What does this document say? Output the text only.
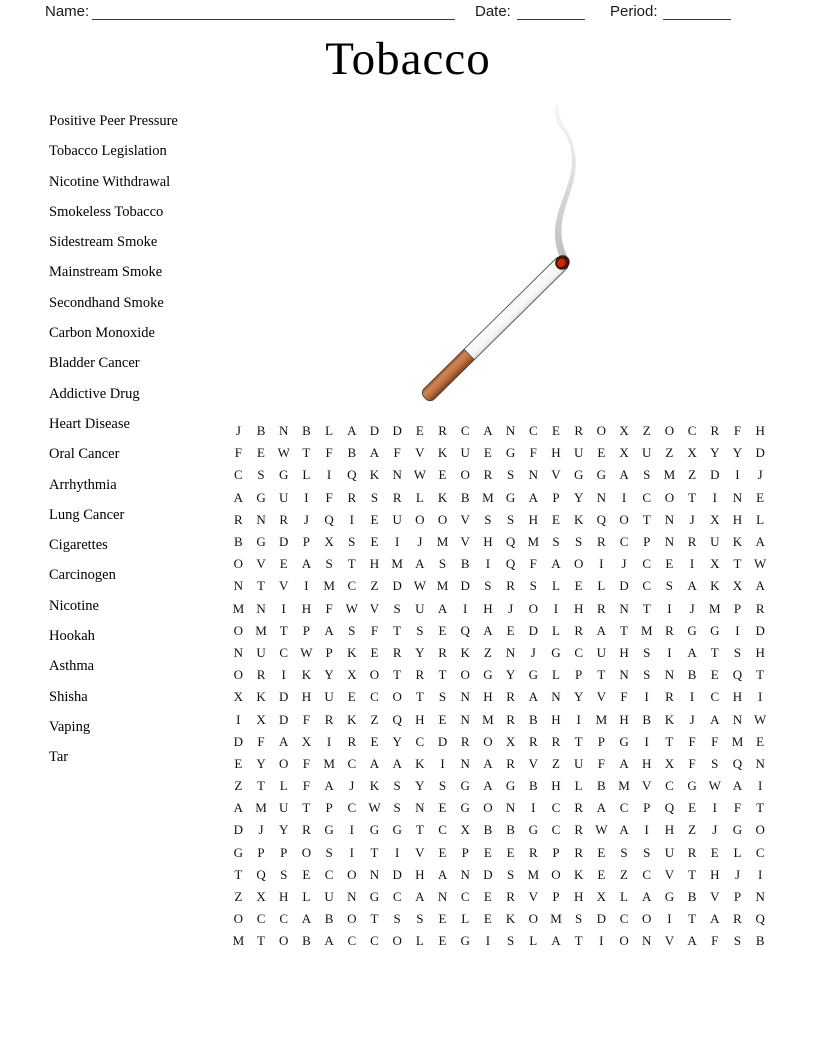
Name:	Date:	Period:
Tobacco
Positive Peer Pressure
Tobacco Legislation
Nicotine Withdrawal
Smokeless Tobacco
Sidestream Smoke
Mainstream Smoke
Secondhand Smoke
Carbon Monoxide
Bladder Cancer
Addictive Drug
Heart Disease
Oral Cancer
Arrhythmia
Lung Cancer
Cigarettes
Carcinogen
Nicotine
Hookah
Asthma
Shisha
Vaping
Tar
J	B	N	B	L	A	D	D	E	R	C	A	N	C	E	R	O	X	Z	O	C	R	F	H
F	E W T	F	B	A	F	V	K	U	E	G	F	H	U	E	X	U	Z	X	Y	Y	D
C	S	G	L	I	Q	K	N W E	O	R	S	N	V	G	G	A	S	M Z	D	I	J
A	G	U	I	F	R	S	R	L	K	B M G	A	P	Y	N	I	C	O	T	I	N	E
R	N	R	J	Q	I	E	U	O	O	V	S	S	H	E	K	Q	O	T	N	J	X	H	L
B	G	D	P	X	S	E	I	J	M V	H	Q M	S	S	R	C	P	N	R	U	K	A
O	V	E	A	S	T	H M A	S	B	I	Q	F	A	O	I	J	C	E	I	X	T W
N	T	V	I	M C	Z	D W M D	S	R	S	L	E	L	D	C	S	A	K	X	A
M N	I	H	F W V	S	U	A	I	H	J	O	I	H	R	N	T	I	J	M	P	R
O M T	P	A	S	F	T	S	E	Q	A	E	D	L	R	A	T M R	G	G	I	D
N	U	C W P	K	E	R	Y	R	K	Z	N	J	G	C	U	H	S	I	A	T	S	H
O	R	I	K	Y	X	O	T	R	T	O	G	Y	G	L	P	T	N	S	N	B	E	Q	T
X	K	D	H	U	E	C	O	T	S	N	H	R	A	N	Y	V	F	I	R	I	C	H	I
I	X	D	F	R	K	Z	Q	H	E	N M R	B	H	I	M H	B	K	J	A	N W
D	F	A	X	I	R	E	Y	C	D	R	O	X	R	R	T	P	G	I	T	F	F	M E
E	Y	O	F	M C	A	A	K	I	N	A	R	V	Z	U	F	A	H	X	F	S	Q	N
Z	T	L	F	A	J	K	S	Y	S	G	A	G	B	H	L	B M V	C	G W A	I
A M U	T	P	C W S	N	E	G	O	N	I	C	R	A	C	P	Q	E	I	F	T
D	J	Y	R	G	I	G	G	T	C	X	B	B	G	C	R W A	I	H	Z	J	G	O
G	P	P	O	S	I	T	I	V	E	P	E	E	R	P	R	E	S	S	U	R	E	L	C
T	Q	S	E	C	O	N	D	H	A	N	D	S	M O	K	E	Z	C	V	T	H	J	I
Z	X	H	L	U	N	G	C	A	N	C	E	R	V	P	H	X	L	A	G	B	V	P	N
O	C	C	A	B	O	T	S	S	E	L	E	K	O M	S	D	C	O	I	T	A	R	Q
M T	O	B	A	C	C	O	L	E	G	I	S	L	A	T	I	O	N	V	A	F	S	B
